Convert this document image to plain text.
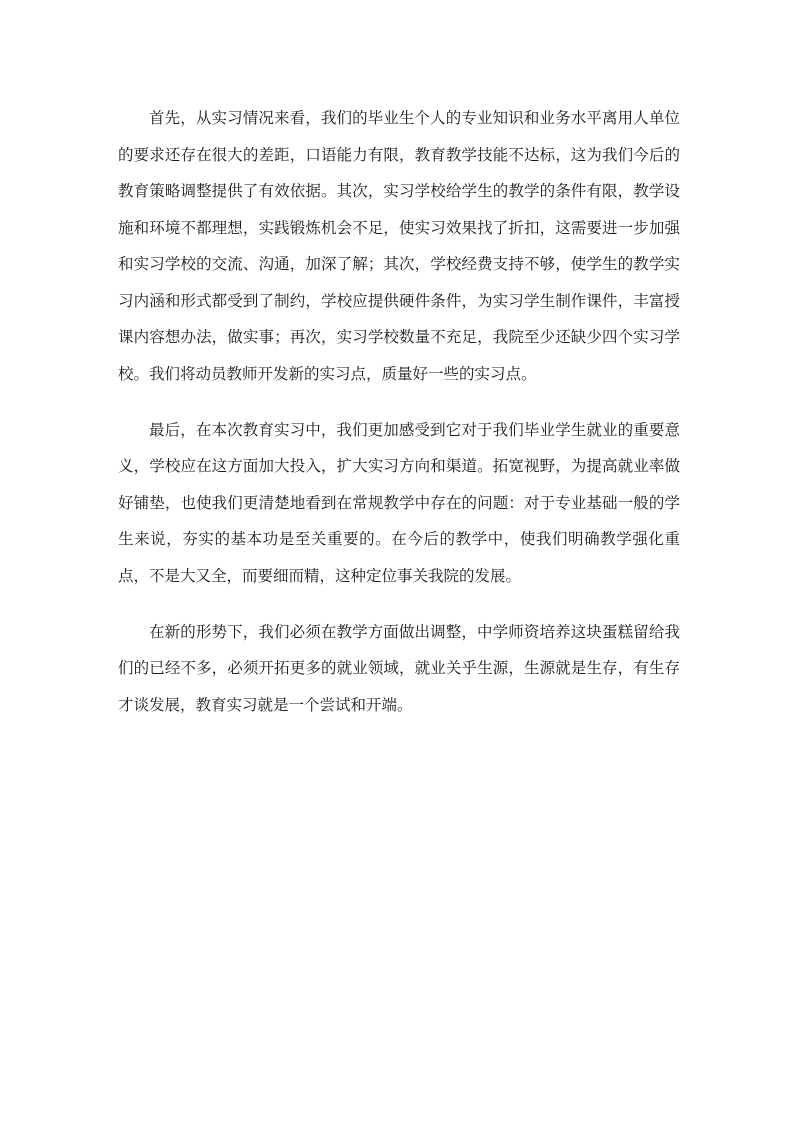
首先，从实习情况来看，我们的毕业生个人的专业知识和业务水平离用人单位的要求还存在很大的差距，口语能力有限，教育教学技能不达标，这为我们今后的教育策略调整提供了有效依据。其次，实习学校给学生的教学的条件有限，教学设施和环境不都理想，实践锻炼机会不足，使实习效果找了折扣，这需要进一步加强和实习学校的交流、沟通，加深了解；其次，学校经费支持不够，使学生的教学实习内涵和形式都受到了制约，学校应提供硬件条件，为实习学生制作课件，丰富授课内容想办法，做实事；再次，实习学校数量不充足，我院至少还缺少四个实习学校。我们将动员教师开发新的实习点，质量好一些的实习点。

最后，在本次教育实习中，我们更加感受到它对于我们毕业学生就业的重要意义，学校应在这方面加大投入，扩大实习方向和渠道。拓宽视野，为提高就业率做好铺垫，也使我们更清楚地看到在常规教学中存在的问题：对于专业基础一般的学生来说，夯实的基本功是至关重要的。在今后的教学中，使我们明确教学强化重点，不是大又全，而要细而精，这种定位事关我院的发展。

在新的形势下，我们必须在教学方面做出调整，中学师资培养这块蛋糕留给我们的已经不多，必须开拓更多的就业领域，就业关乎生源，生源就是生存，有生存才谈发展，教育实习就是一个尝试和开端。
